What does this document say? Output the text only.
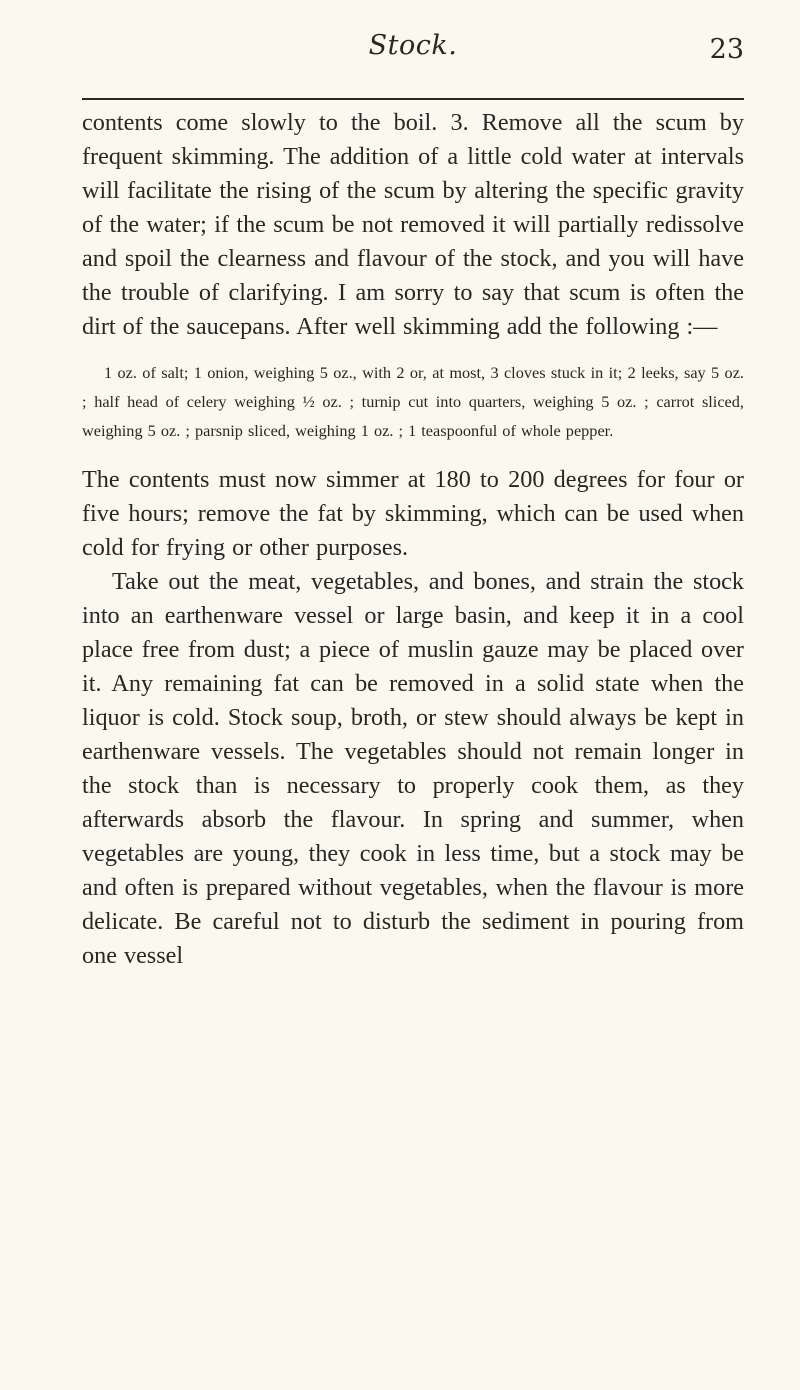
Stock.	23

contents come slowly to the boil. 3. Remove all the scum by frequent skimming. The addition of a little cold water at intervals will facilitate the rising of the scum by altering the specific gravity of the water; if the scum be not removed it will partially redissolve and spoil the clearness and flavour of the stock, and you will have the trouble of clarifying. I am sorry to say that scum is often the dirt of the saucepans. After well skimming add the following :—

1 oz. of salt; 1 onion, weighing 5 oz., with 2 or, at most, 3 cloves stuck in it; 2 leeks, say 5 oz. ; half head of celery weighing ½ oz. ; turnip cut into quarters, weighing 5 oz. ; carrot sliced, weighing 5 oz. ; parsnip sliced, weighing 1 oz. ; 1 teaspoonful of whole pepper.

The contents must now simmer at 180 to 200 degrees for four or five hours; remove the fat by skimming, which can be used when cold for frying or other purposes.

Take out the meat, vegetables, and bones, and strain the stock into an earthenware vessel or large basin, and keep it in a cool place free from dust; a piece of muslin gauze may be placed over it. Any remaining fat can be removed in a solid state when the liquor is cold. Stock soup, broth, or stew should always be kept in earthenware vessels. The vegetables should not remain longer in the stock than is necessary to properly cook them, as they afterwards absorb the flavour. In spring and summer, when vegetables are young, they cook in less time, but a stock may be and often is prepared without vegetables, when the flavour is more delicate. Be careful not to disturb the sediment in pouring from one vessel
